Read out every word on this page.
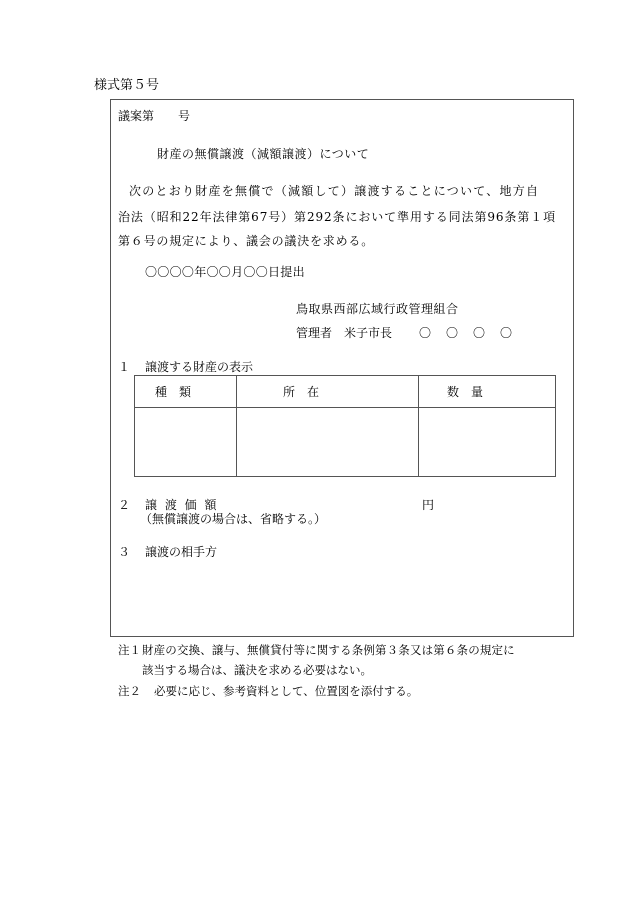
様式第５号
議案第　　号
財産の無償譲渡（減額譲渡）について
次のとおり財産を無償で（減額して）譲渡することについて、地方自
治法（昭和22年法律第67号）第292条において準用する同法第96条第１項
第６号の規定により、議会の議決を求める。
〇〇〇〇年〇〇月〇〇日提出
鳥取県西部広域行政管理組合
管理者　米子市長 〇 〇 〇 〇
１ 譲渡する財産の表示
種　類	所　在	数　量

２ 譲 渡 価 額	円
（無償譲渡の場合は、省略する。）
３ 譲渡の相手方
注１ 財産の交換、譲与、無償貸付等に関する条例第３条又は第６条の規定に
該当する場合は、議決を求める必要はない。
注２ 必要に応じ、参考資料として、位置図を添付する。
